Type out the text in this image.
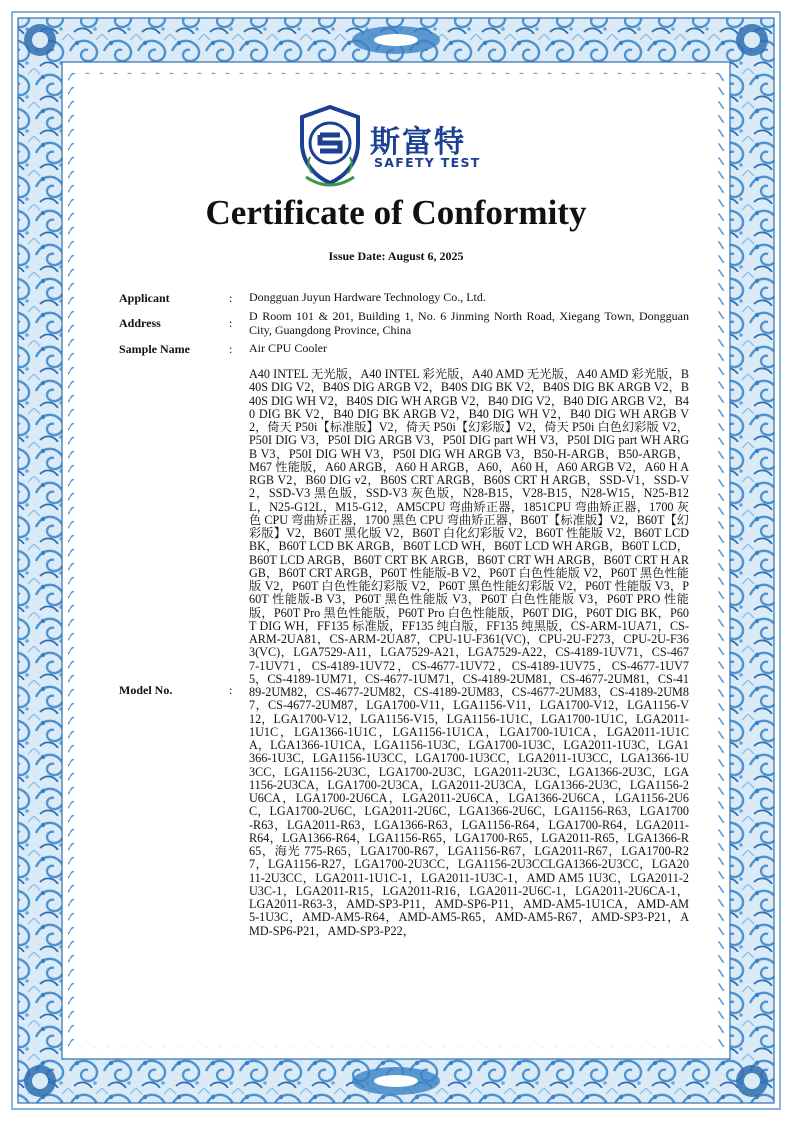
斯富特
SAFETY TEST
Certificate of Conformity
Issue Date: August 6, 2025
Applicant	: Dongguan Juyun Hardware Technology Co., Ltd.
Address	: D Room 101 & 201, Building 1, No. 6 Jinming North Road, Xiegang Town, Dongguan City, Guangdong Province, China
Sample Name	: Air CPU Cooler
Model No.	:
A40 INTEL 无光版，A40 INTEL 彩光版，A40 AMD 无光版，A40 AMD 彩光版，B40S DIG V2，B40S DIG ARGB V2，B40S DIG BK V2，B40S DIG BK ARGB V2，B40S DIG WH V2，B40S DIG WH ARGB V2，B40 DIG V2，B40 DIG ARGB V2，B40 DIG BK V2，B40 DIG BK ARGB V2，B40 DIG WH V2，B40 DIG WH ARGB V2，倚天 P50i【标准版】V2，倚天 P50i【幻彩版】V2，倚天 P50i 白色幻彩版 V2，P50I DIG V3，P50I DIG ARGB V3，P50I DIG part WH V3，P50I DIG part WH ARGB V3，P50I DIG WH V3，P50I DIG WH ARGB V3，B50-H-ARGB，B50-ARGB，M67 性能版，A60 ARGB，A60 H ARGB，A60，A60 H，A60 ARGB V2，A60 H ARGB V2，B60 DIG v2，B60S CRT ARGB，B60S CRT H ARGB，SSD-V1，SSD-V2，SSD-V3 黑色版，SSD-V3 灰色版，N28-B15，V28-B15，N28-W15，N25-B12L，N25-G12L，M15-G12，AM5CPU 弯曲矫正器，1851CPU 弯曲矫正器，1700 灰色 CPU 弯曲矫正器，1700 黑色 CPU 弯曲矫正器，B60T【标准版】V2，B60T【幻彩版】V2，B60T 黑化版 V2，B60T 白化幻彩版 V2，B60T 性能版 V2，B60T LCD BK，B60T LCD BK ARGB，B60T LCD WH，B60T LCD WH ARGB，B60T LCD，B60T LCD ARGB，B60T CRT BK ARGB，B60T CRT WH ARGB，B60T CRT H ARGB，B60T CRT ARGB，P60T 性能版-B V2，P60T 白色性能版 V2，P60T 黑色性能版 V2，P60T 白色性能幻彩版 V2，P60T 黑色性能幻彩版 V2，P60T 性能版 V3，P60T 性能版-B V3，P60T 黑色性能版 V3，P60T 白色性能版 V3，P60T PRO 性能版，P60T Pro 黑色性能版，P60T Pro 白色性能版，P60T DIG，P60T DIG BK，P60T DIG WH，FF135 标准版，FF135 纯白版，FF135 纯黑版，CS-ARM-1UA71，CS-ARM-2UA81，CS-ARM-2UA87，CPU-1U-F361(VC)，CPU-2U-F273，CPU-2U-F363(VC)，LGA7529-A11，LGA7529-A21，LGA7529-A22，CS-4189-1UV71，CS-4677-1UV71，CS-4189-1UV72，CS-4677-1UV72，CS-4189-1UV75，CS-4677-1UV75，CS-4189-1UM71，CS-4677-1UM71，CS-4189-2UM81，CS-4677-2UM81，CS-4189-2UM82，CS-4677-2UM82，CS-4189-2UM83，CS-4677-2UM83，CS-4189-2UM87，CS-4677-2UM87，LGA1700-V11，LGA1156-V11，LGA1700-V12，LGA1156-V12，LGA1700-V12，LGA1156-V15，LGA1156-1U1C，LGA1700-1U1C，LGA2011-1U1C，LGA1366-1U1C，LGA1156-1U1CA，LGA1700-1U1CA，LGA2011-1U1CA，LGA1366-1U1CA，LGA1156-1U3C，LGA1700-1U3C，LGA2011-1U3C，LGA1366-1U3C，LGA1156-1U3CC，LGA1700-1U3CC，LGA2011-1U3CC，LGA1366-1U3CC，LGA1156-2U3C，LGA1700-2U3C，LGA2011-2U3C，LGA1366-2U3C，LGA1156-2U3CA，LGA1700-2U3CA，LGA2011-2U3CA，LGA1366-2U3C，LGA1156-2U6CA，LGA1700-2U6CA，LGA2011-2U6CA，LGA1366-2U6CA，LGA1156-2U6C，LGA1700-2U6C，LGA2011-2U6C，LGA1366-2U6C，LGA1156-R63，LGA1700-R63，LGA2011-R63，LGA1366-R63，LGA1156-R64，LGA1700-R64，LGA2011-R64，LGA1366-R64，LGA1156-R65，LGA1700-R65，LGA2011-R65，LGA1366-R65，海光 775-R65，LGA1700-R67，LGA1156-R67，LGA2011-R67，LGA1700-R27，LGA1156-R27，LGA1700-2U3CC，LGA1156-2U3CCLGA1366-2U3CC，LGA2011-2U3CC，LGA2011-1U1C-1，LGA2011-1U3C-1，AMD AM5 1U3C，LGA2011-2U3C-1，LGA2011-R15，LGA2011-R16，LGA2011-2U6C-1，LGA2011-2U6CA-1，LGA2011-R63-3，AMD-SP3-P11，AMD-SP6-P11，AMD-AM5-1U1CA，AMD-AM5-1U3C，AMD-AM5-R64，AMD-AM5-R65，AMD-AM5-R67，AMD-SP3-P21，AMD-SP6-P21，AMD-SP3-P22，
